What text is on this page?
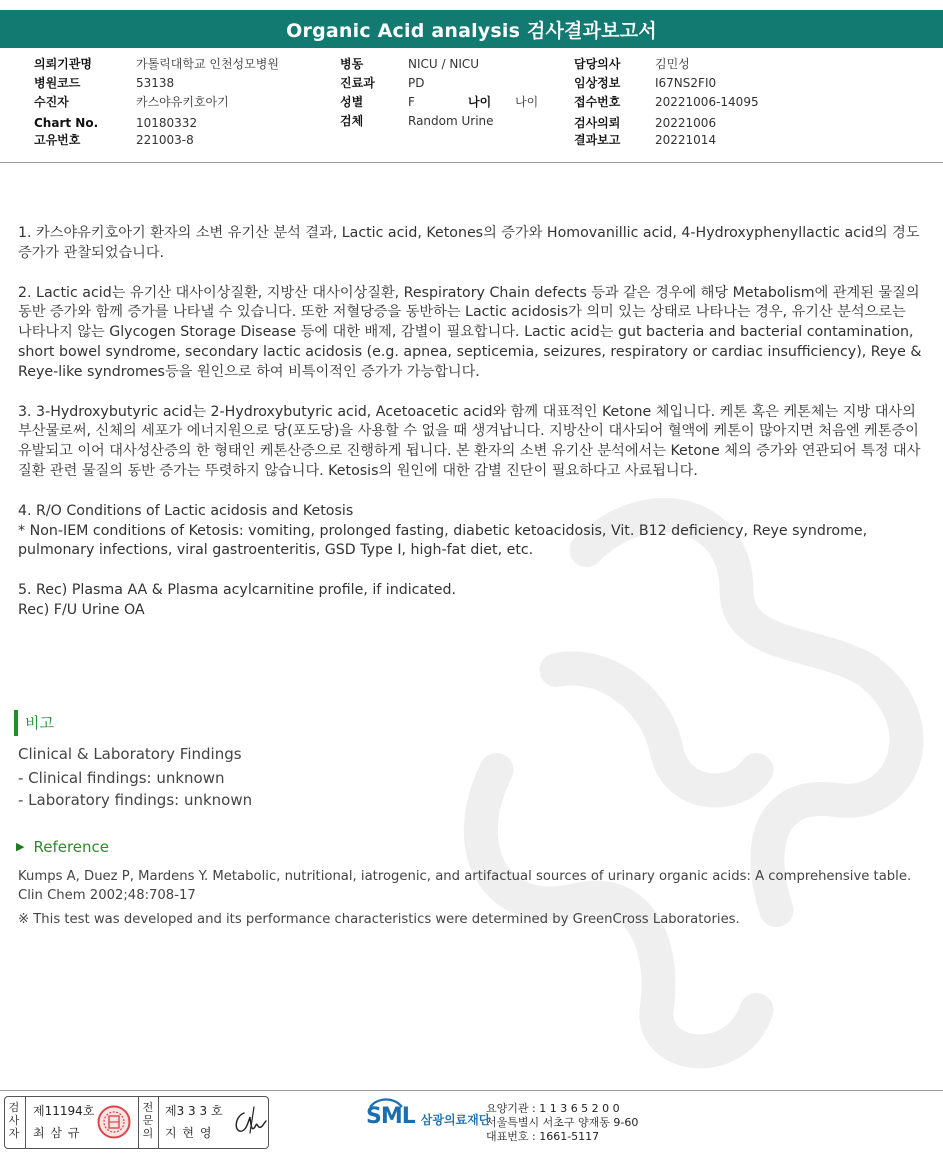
Organic Acid analysis 검사결과보고서
의뢰기관명	가톨릭대학교 인천성모병원
병원코드	53138
수진자	카스야유키호아기
Chart No.	10180332
고유번호	221003-8
병동	NICU / NICU
진료과	PD
성별	F	나이 나이
검체	Random Urine
담당의사	김민성
임상정보	I67NS2FI0
접수번호	20221006-14095
검사의뢰	20221006
결과보고	20221014

1. 카스야유키호아기 환자의 소변 유기산 분석 결과, Lactic acid, Ketones의 증가와 Homovanillic acid, 4-Hydroxyphenyllactic acid의 경도증가가 관찰되었습니다.

2. Lactic acid는 유기산 대사이상질환, 지방산 대사이상질환, Respiratory Chain defects 등과 같은 경우에 해당 Metabolism에 관계된 물질의 동반 증가와 함께 증가를 나타낼 수 있습니다. 또한 저혈당증을 동반하는 Lactic acidosis가 의미 있는 상태로 나타나는 경우, 유기산 분석으로는 나타나지 않는 Glycogen Storage Disease 등에 대한 배제, 감별이 필요합니다. Lactic acid는 gut bacteria and bacterial contamination, short bowel syndrome, secondary lactic acidosis (e.g. apnea, septicemia, seizures, respiratory or cardiac insufficiency), Reye & Reye-like syndromes등을 원인으로 하여 비특이적인 증가가 가능합니다.

3. 3-Hydroxybutyric acid는 2-Hydroxybutyric acid, Acetoacetic acid와 함께 대표적인 Ketone 체입니다. 케톤 혹은 케톤체는 지방 대사의 부산물로써, 신체의 세포가 에너지원으로 당(포도당)을 사용할 수 없을 때 생겨납니다. 지방산이 대사되어 혈액에 케톤이 많아지면 처음엔 케톤증이 유발되고 이어 대사성산증의 한 형태인 케톤산증으로 진행하게 됩니다. 본 환자의 소변 유기산 분석에서는 Ketone 체의 증가와 연관되어 특정 대사질환 관련 물질의 동반 증가는 뚜렷하지 않습니다. Ketosis의 원인에 대한 감별 진단이 필요하다고 사료됩니다.

4. R/O Conditions of Lactic acidosis and Ketosis
* Non-IEM conditions of Ketosis: vomiting, prolonged fasting, diabetic ketoacidosis, Vit. B12 deficiency, Reye syndrome, pulmonary infections, viral gastroenteritis, GSD Type I, high-fat diet, etc.

5. Rec) Plasma AA & Plasma acylcarnitine profile, if indicated.
Rec) F/U Urine OA

비고
Clinical & Laboratory Findings
- Clinical findings: unknown
- Laboratory findings: unknown
▶ Reference
Kumps A, Duez P, Mardens Y. Metabolic, nutritional, iatrogenic, and artifactual sources of urinary organic acids: A comprehensive table. Clin Chem 2002;48:708-17
※ This test was developed and its performance characteristics were determined by GreenCross Laboratories.
검사자
제11194호
최 삼 규
전문의
제3 3 3 호
지 현 영
SML 삼광의료재단
요양기관 : 1 1 3 6 5 2 0 0
서울특별시 서초구 양재동 9-60
대표번호 : 1661-5117
